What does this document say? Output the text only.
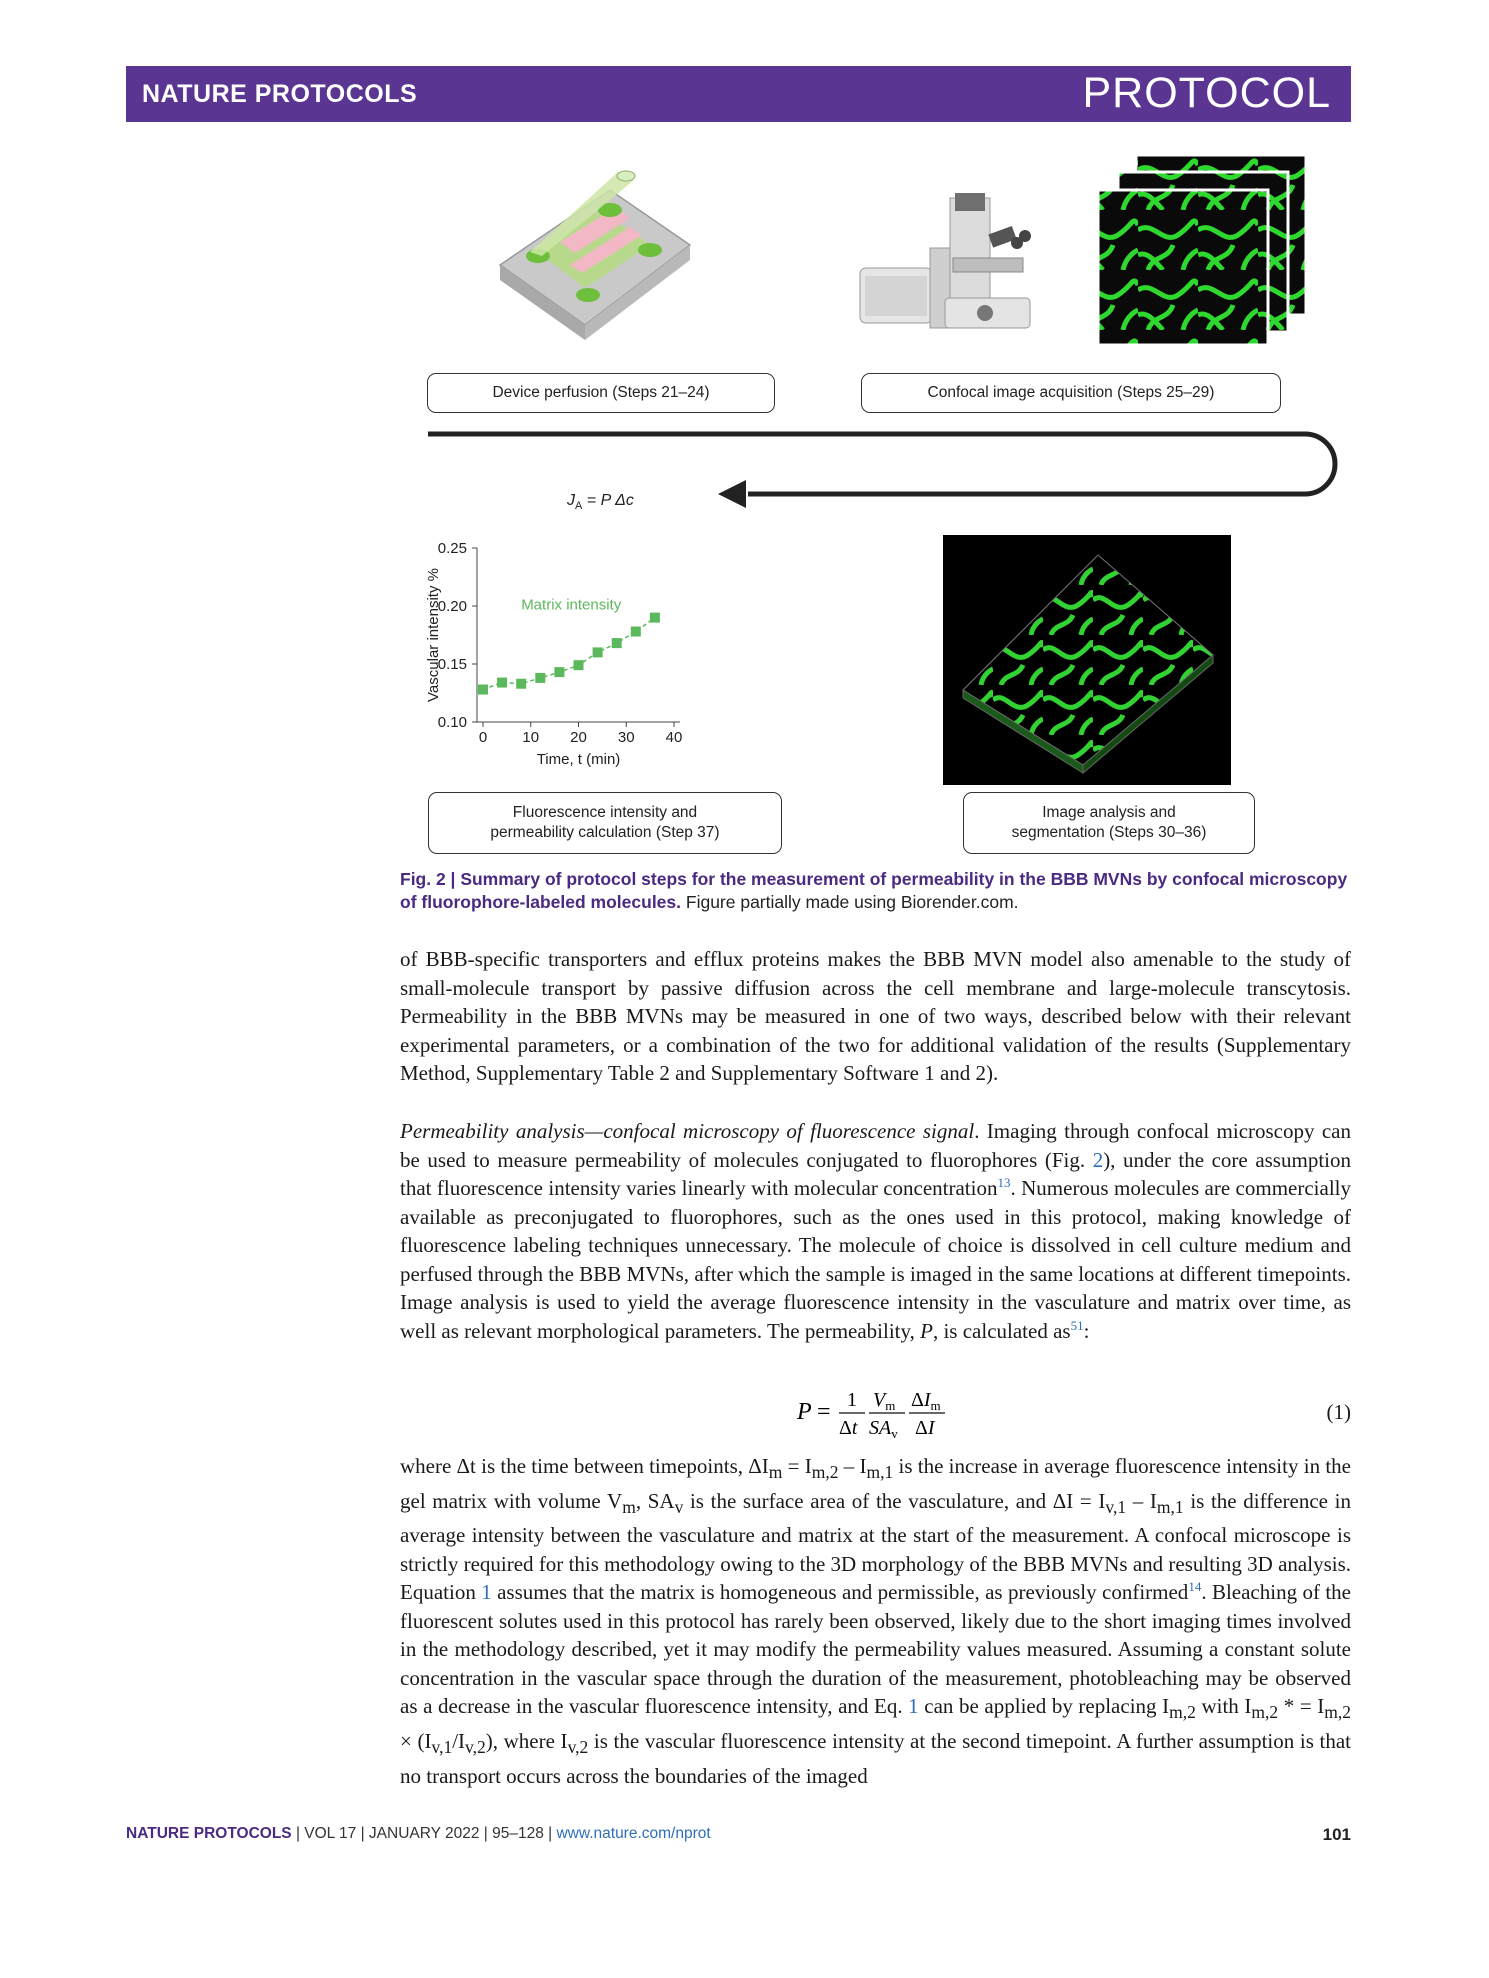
NATURE PROTOCOLS	PROTOCOL
Device perfusion (Steps 21–24)	Confocal image acquisition (Steps 25–29)
$J_A = P$ Δc
0.10
0.15
0.20
0.25
0 10 20 30 40
Time, t (min)
Vascular intensity %	Matrix intensity
Fluorescence intensity and
permeability calculation (Step 37)
Image analysis and
segmentation (Steps 30–36)
Fig. 2 | Summary of protocol steps for the measurement of permeability in the BBB MVNs by confocal microscopy of fluorophore-labeled molecules. Figure partially made using Biorender.com.
of BBB-specific transporters and efflux proteins makes the BBB MVN model also amenable to the study of small-molecule transport by passive diffusion across the cell membrane and large-molecule transcytosis. Permeability in the BBB MVNs may be measured in one of two ways, described below with their relevant experimental parameters, or a combination of the two for additional validation of the results (Supplementary Method, Supplementary Table 2 and Supplementary Software 1 and 2).
Permeability analysis—confocal microscopy of fluorescence signal. Imaging through confocal microscopy can be used to measure permeability of molecules conjugated to fluorophores (Fig. 2), under the core assumption that fluorescence intensity varies linearly with molecular concentration$^{13}$. Numerous molecules are commercially available as preconjugated to fluorophores, such as the ones used in this protocol, making knowledge of fluorescence labeling techniques unnecessary. The molecule of choice is dissolved in cell culture medium and perfused through the BBB MVNs, after which the sample is imaged in the same locations at different timepoints. Image analysis is used to yield the average fluorescence intensity in the vasculature and matrix over time, as well as relevant morphological parameters. The permeability, P, is calculated $as^{51}$:
P = 1
Δt
$V_m$
$SA_v$
$\Delta I_m$
ΔI
(1)
where Δt is the time between timepoints, $\Delta I_m = I_{m,2} - I_{m,1}$ is the increase in average fluorescence intensity in the gel matrix with volume $V_m$, $SA_v$ is the surface area of the vasculature, and $\Delta I = I_{v,1} - I_{m,1}$ is the difference in average intensity between the vasculature and matrix at the start of the measurement. A confocal microscope is strictly required for this methodology owing to the 3D morphology of the BBB MVNs and resulting 3D analysis. Equation 1 assumes that the matrix is homogeneous and permissible, as previously confirmed$^{14}$. Bleaching of the fluorescent solutes used in this protocol has rarely been observed, likely due to the short imaging times involved in the methodology described, yet it may modify the permeability values measured. Assuming a constant solute concentration in the vascular space through the duration of the measurement, photobleaching may be observed as a decrease in the vascular fluorescence intensity, and Eq. 1 can be applied by replacing $I_{m,2}$ with $I_{m,2}$ * = $I_{m,2} \times (I_{v,1}/I_{v,2})$, where $I_{v,2}$ is the vascular fluorescence intensity at the second timepoint. A further assumption is that no transport occurs across the boundaries of the imaged
NATURE PROTOCOLS | VOL 17 | JANUARY 2022 | 95–128 | www.nature.com/nprot	101
